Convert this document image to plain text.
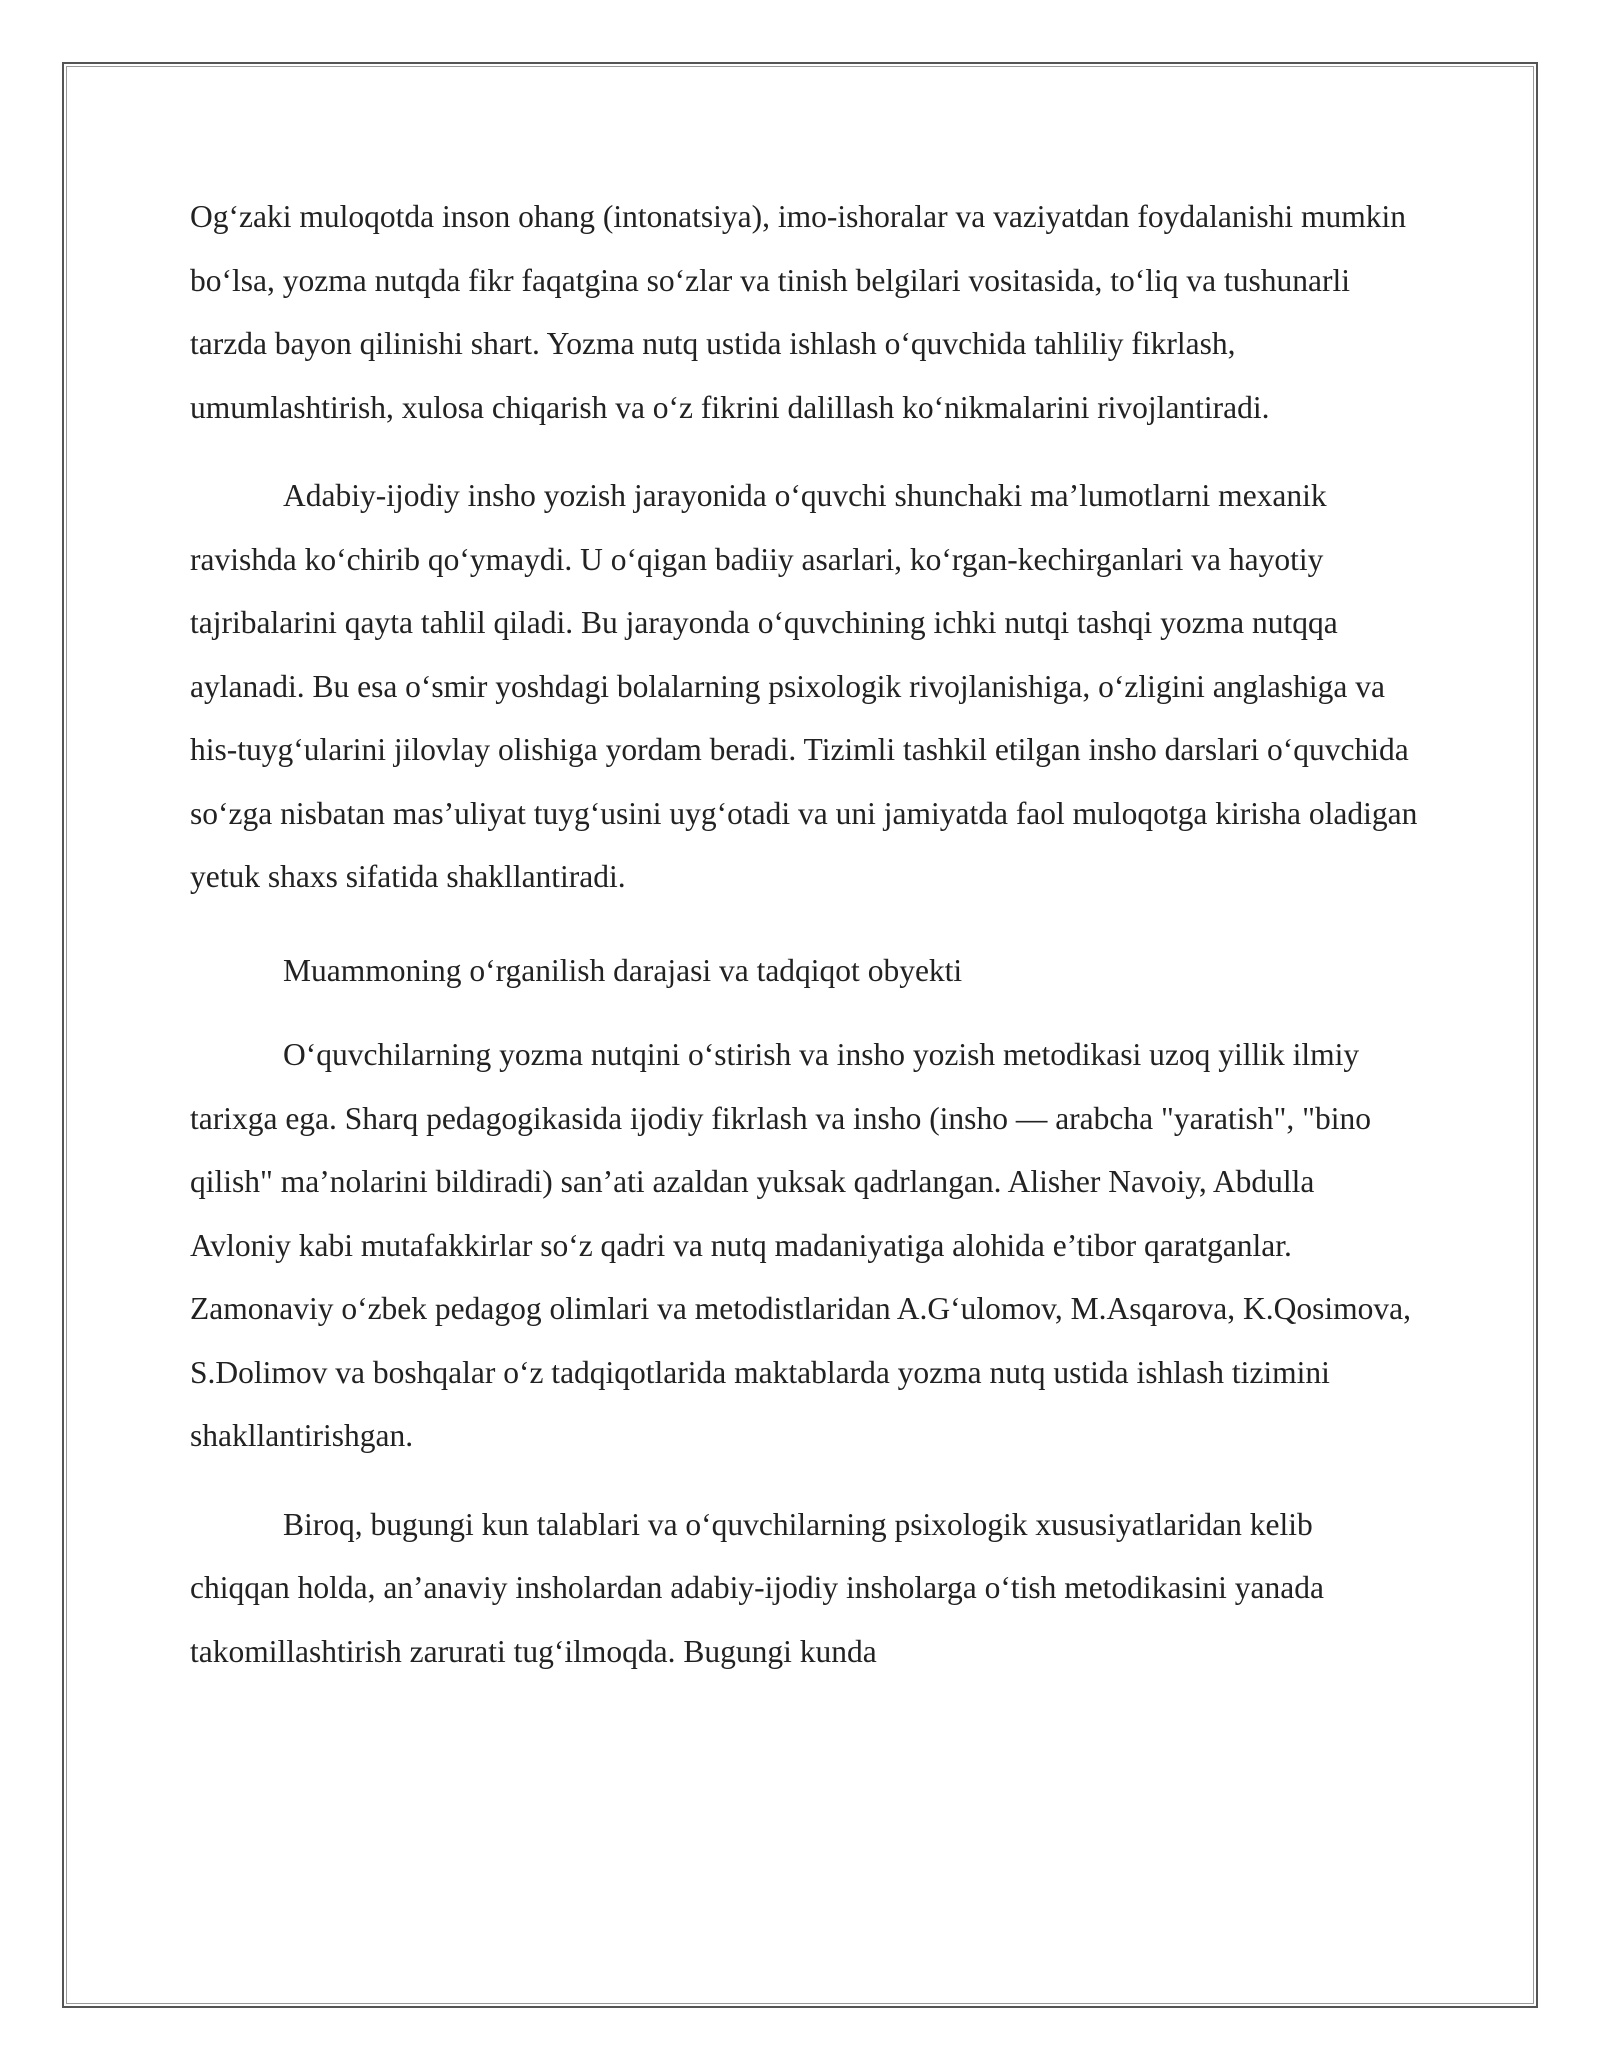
Og‘zaki muloqotda inson ohang (intonatsiya), imo-ishoralar va vaziyatdan foydalanishi mumkin bo‘lsa, yozma nutqda fikr faqatgina so‘zlar va tinish belgilari vositasida, to‘liq va tushunarli tarzda bayon qilinishi shart. Yozma nutq ustida ishlash o‘quvchida tahliliy fikrlash, umumlashtirish, xulosa chiqarish va o‘z fikrini dalillash ko‘nikmalarini rivojlantiradi.

Adabiy-ijodiy insho yozish jarayonida o‘quvchi shunchaki ma’lumotlarni mexanik ravishda ko‘chirib qo‘ymaydi. U o‘qigan badiiy asarlari, ko‘rgan-kechirganlari va hayotiy tajribalarini qayta tahlil qiladi. Bu jarayonda o‘quvchining ichki nutqi tashqi yozma nutqqa aylanadi. Bu esa o‘smir yoshdagi bolalarning psixologik rivojlanishiga, o‘zligini anglashiga va his-tuyg‘ularini jilovlay olishiga yordam beradi. Tizimli tashkil etilgan insho darslari o‘quvchida so‘zga nisbatan mas’uliyat tuyg‘usini uyg‘otadi va uni jamiyatda faol muloqotga kirisha oladigan yetuk shaxs sifatida shakllantiradi.

Muammoning o‘rganilish darajasi va tadqiqot obyekti

O‘quvchilarning yozma nutqini o‘stirish va insho yozish metodikasi uzoq yillik ilmiy tarixga ega. Sharq pedagogikasida ijodiy fikrlash va insho (insho — arabcha "yaratish", "bino qilish" ma’nolarini bildiradi) san’ati azaldan yuksak qadrlangan. Alisher Navoiy, Abdulla Avloniy kabi mutafakkirlar so‘z qadri va nutq madaniyatiga alohida e’tibor qaratganlar. Zamonaviy o‘zbek pedagog olimlari va metodistlaridan A.G‘ulomov, M.Asqarova, K.Qosimova, S.Dolimov va boshqalar o‘z tadqiqotlarida maktablarda yozma nutq ustida ishlash tizimini shakllantirishgan.

Biroq, bugungi kun talablari va o‘quvchilarning psixologik xususiyatlaridan kelib chiqqan holda, an’anaviy insholardan adabiy-ijodiy insholarga o‘tish metodikasini yanada takomillashtirish zarurati tug‘ilmoqda. Bugungi kunda
